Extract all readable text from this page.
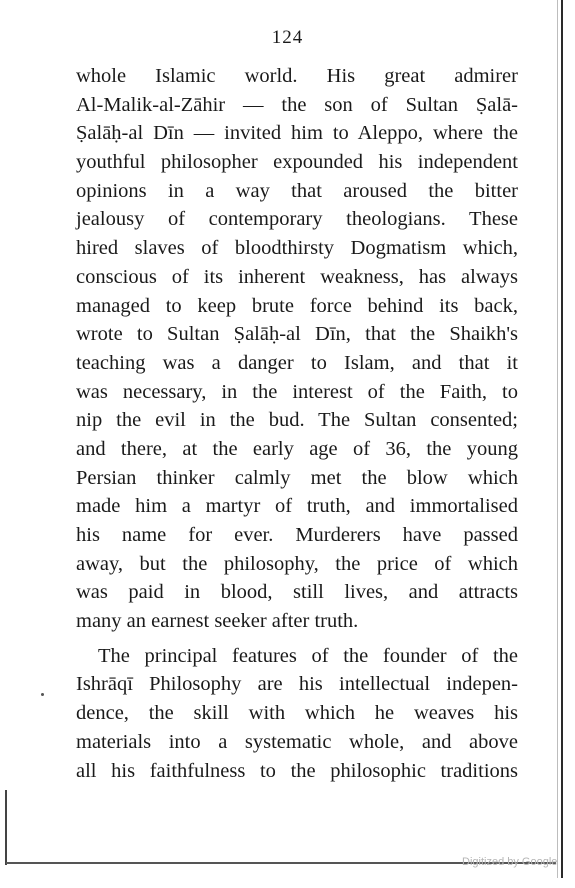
124
whole Islamic world. His great admirer
Al-Malik-al-Zāhir — the son of Sultan Ṣalā-
Ṣalāḥ-al Dīn — invited him to Aleppo, where the
youthful philosopher expounded his independent
opinions in a way that aroused the bitter
jealousy of contemporary theologians. These
hired slaves of bloodthirsty Dogmatism which,
conscious of its inherent weakness, has always
managed to keep brute force behind its back,
wrote to Sultan Ṣalāḥ-al Dīn, that the Shaikh's
teaching was a danger to Islam, and that it
was necessary, in the interest of the Faith, to
nip the evil in the bud. The Sultan consented;
and there, at the early age of 36, the young
Persian thinker calmly met the blow which
made him a martyr of truth, and immortalised
his name for ever. Murderers have passed
away, but the philosophy, the price of which
was paid in blood, still lives, and attracts
many an earnest seeker after truth.
The principal features of the founder of the
Ishrāqī Philosophy are his intellectual indepen-
dence, the skill with which he weaves his
materials into a systematic whole, and above
all his faithfulness to the philosophic traditions
Digitized by Google
